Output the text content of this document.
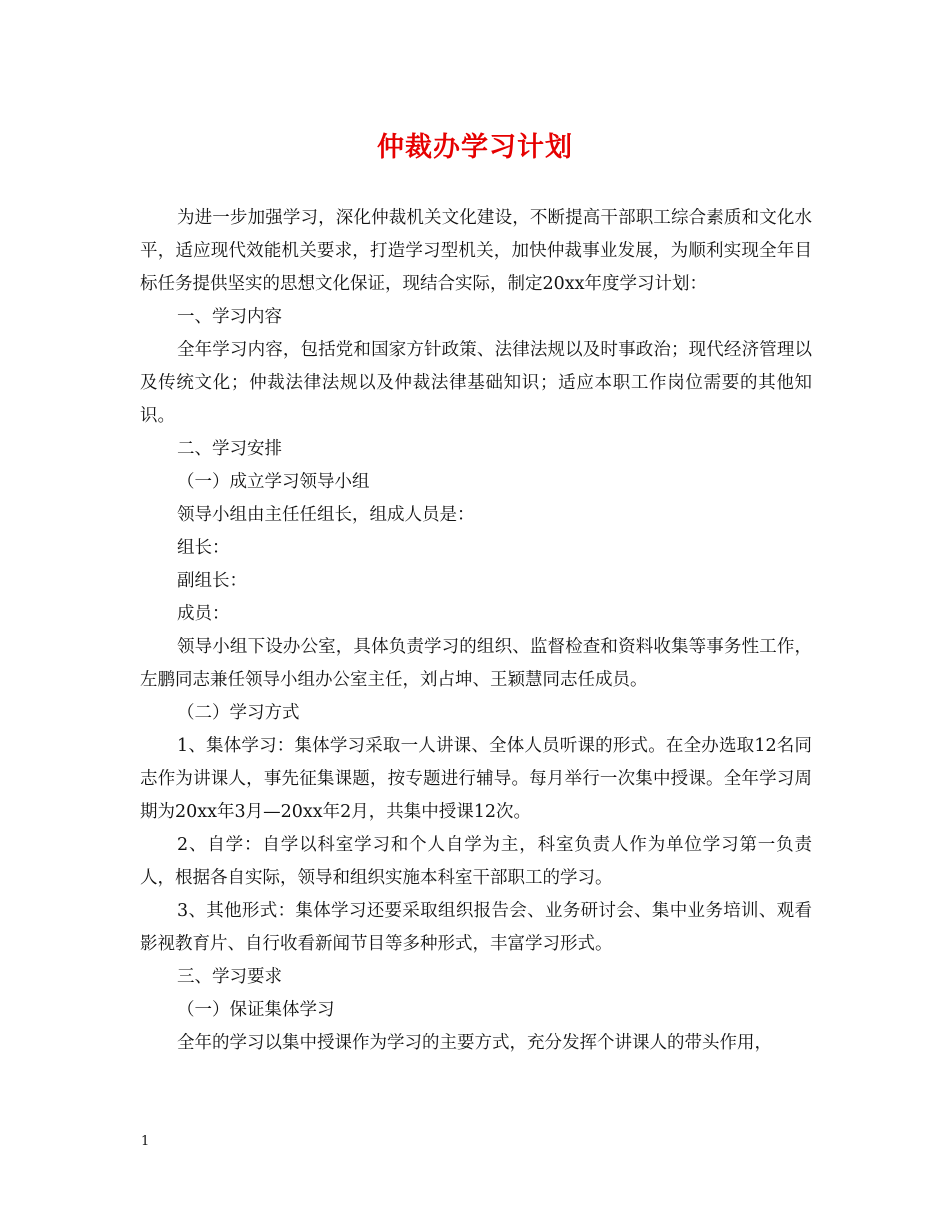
仲裁办学习计划

为进一步加强学习，深化仲裁机关文化建设，不断提高干部职工综合素质和文化水平，适应现代效能机关要求，打造学习型机关，加快仲裁事业发展，为顺利实现全年目标任务提供坚实的思想文化保证，现结合实际，制定20xx年度学习计划：

一、学习内容

全年学习内容，包括党和国家方针政策、法律法规以及时事政治；现代经济管理以及传统文化；仲裁法律法规以及仲裁法律基础知识；适应本职工作岗位需要的其他知识。

二、学习安排

（一）成立学习领导小组

领导小组由主任任组长，组成人员是：

组长：

副组长：

成员：

领导小组下设办公室，具体负责学习的组织、监督检查和资料收集等事务性工作，左鹏同志兼任领导小组办公室主任，刘占坤、王颖慧同志任成员。

（二）学习方式

1、集体学习：集体学习采取一人讲课、全体人员听课的形式。在全办选取12名同志作为讲课人，事先征集课题，按专题进行辅导。每月举行一次集中授课。全年学习周期为20xx年3月—20xx年2月，共集中授课12次。

2、自学：自学以科室学习和个人自学为主，科室负责人作为单位学习第一负责人，根据各自实际，领导和组织实施本科室干部职工的学习。

3、其他形式：集体学习还要采取组织报告会、业务研讨会、集中业务培训、观看影视教育片、自行收看新闻节目等多种形式，丰富学习形式。

三、学习要求

（一）保证集体学习

全年的学习以集中授课作为学习的主要方式，充分发挥个讲课人的带头作用，

1
